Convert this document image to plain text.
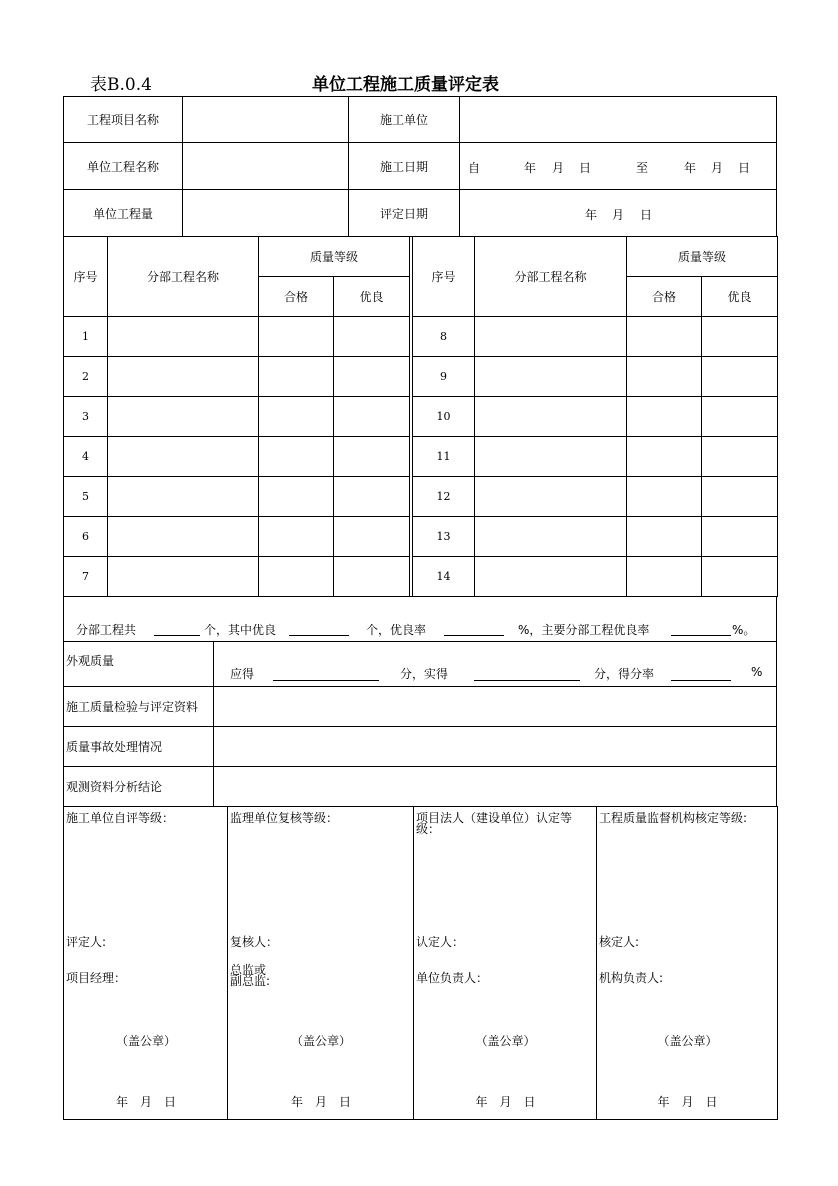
表B.0.4	单位工程施工质量评定表
工程项目名称	施工单位
单位工程名称	施工日期	自	年 月 日	至	年 月 日
单位工程量	评定日期	年 月 日
序号	分部工程名称
质量等级
合格	优良
1
2
3
4
5
6
7
序号	分部工程名称
质量等级
合格	优良
8
9
10
11
12
13
14
分部工程共	个，其中优良	个，优良率	%，主要分部工程优良率	%。
外观质量
应得	分，实得	分，得分率	%
施工质量检验与评定资料
质量事故处理情况
观测资料分析结论
施工单位自评等级：
评定人:
项目经理：
（盖公章）
年　月　日
监理单位复核等级：
复核人：
总监或
副总监:
（盖公章）
年　月　日
项目法人（建设单位）认定等级：
认定人：
单位负责人：
（盖公章）
年　月　日
工程质量监督机构核定等级:
核定人:
机构负责人:
（盖公章）
年　月　日
